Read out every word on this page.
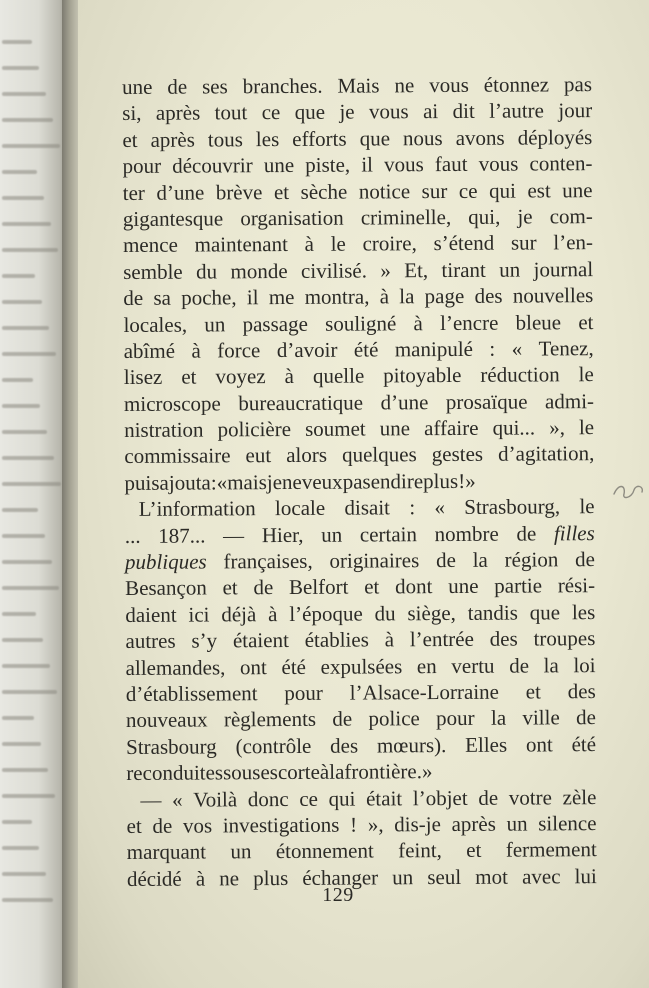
une de ses branches. Mais ne vous étonnez pas
si, après tout ce que je vous ai dit l’autre jour
et après tous les efforts que nous avons déployés
pour découvrir une piste, il vous faut vous conten-
ter d’une brève et sèche notice sur ce qui est une
gigantesque organisation criminelle, qui, je com-
mence maintenant à le croire, s’étend sur l’en-
semble du monde civilisé. » Et, tirant un journal
de sa poche, il me montra, à la page des nouvelles
locales, un passage souligné à l’encre bleue et
abîmé à force d’avoir été manipulé : « Tenez,
lisez et voyez à quelle pitoyable réduction le
microscope bureaucratique d’une prosaïque admi-
nistration policière soumet une affaire qui... », le
commissaire eut alors quelques gestes d’agitation,
puis ajouta : « mais je ne veux pas en dire plus ! »
L’information locale disait : « Strasbourg, le
... 187... — Hier, un certain nombre de filles
publiques françaises, originaires de la région de
Besançon et de Belfort et dont une partie rési-
daient ici déjà à l’époque du siège, tandis que les
autres s’y étaient établies à l’entrée des troupes
allemandes, ont été expulsées en vertu de la loi
d’établissement pour l’Alsace-Lorraine et des
nouveaux règlements de police pour la ville de
Strasbourg (contrôle des mœurs). Elles ont été
reconduites sous escorte à la frontière. »
— « Voilà donc ce qui était l’objet de votre zèle
et de vos investigations ! », dis-je après un silence
marquant un étonnement feint, et fermement
décidé à ne plus échanger un seul mot avec lui
129
